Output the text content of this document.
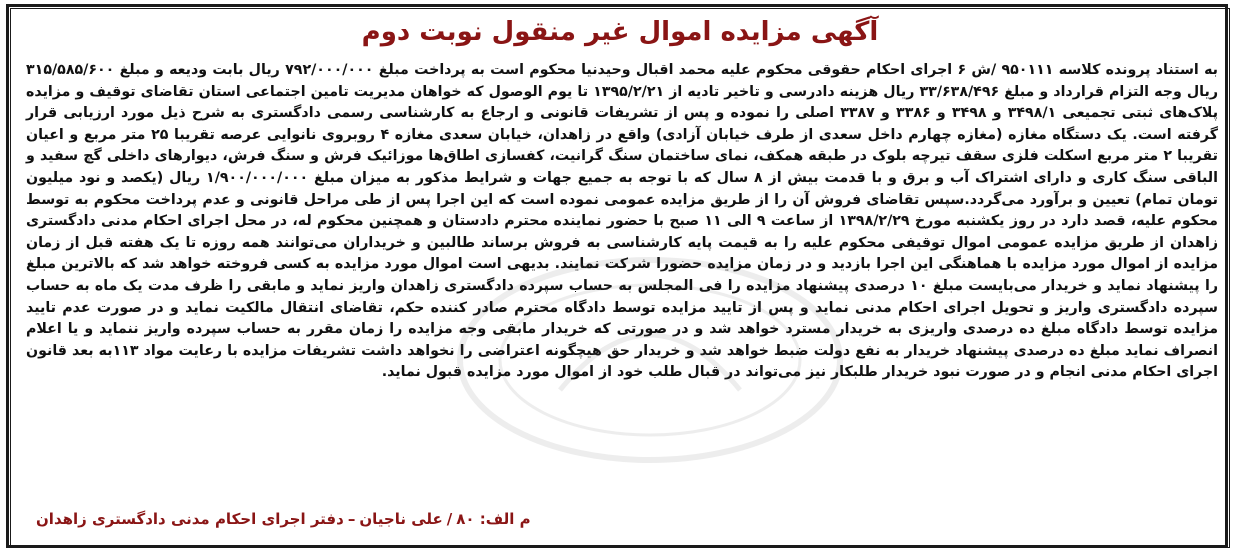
آگهی مزایده اموال غیر منقول نوبت دوم
به استناد پرونده کلاسه ۹۵۰۱۱۱ /ش ۶ اجرای احکام حقوقی محکوم علیه محمد اقبال وحیدنیا محکوم است به پرداخت مبلغ ۷۹۲/۰۰۰/۰۰۰ ریال بابت ودیعه و مبلغ ۳۱۵/۵۸۵/۶۰۰ ریال وجه التزام قرارداد و مبلغ ۳۳/۶۳۸/۴۹۶ ریال هزینه دادرسی و تاخیر تادیه از ۱۳۹۵/۲/۲۱ تا یوم الوصول که خواهان مدیریت تامین اجتماعی استان تقاضای توقیف و مزایده پلاک‌های ثبتی تجمیعی ۳۴۹۸/۱ و ۳۴۹۸ و ۳۳۸۶ و ۳۳۸۷ اصلی را نموده و پس از تشریفات قانونی و ارجاع به کارشناسی رسمی دادگستری به شرح ذیل مورد ارزیابی قرار گرفته است. یک دستگاه مغازه (مغازه چهارم داخل سعدی از طرف خیابان آزادی) واقع در زاهدان، خیابان سعدی مغازه ۴ روبروی نانوایی عرصه تقریبا ۲۵ متر مربع و اعیان تقریبا ۲ متر مربع اسکلت فلزی سقف تیرچه بلوک در طبقه همکف، نمای ساختمان سنگ گرانیت، کفسازی اطاق‌ها موزائیک فرش و سنگ فرش، دیوارهای داخلی گچ سفید و الباقی سنگ کاری و دارای اشتراک آب و برق و با قدمت بیش از ۸ سال که با توجه به جمیع جهات و شرایط مذکور به میزان مبلغ ۱/۹۰۰/۰۰۰/۰۰۰ ریال (یکصد و نود میلیون تومان تمام) تعیین و برآورد می‌گردد.سپس تقاضای فروش آن را از طریق مزایده عمومی نموده است که این اجرا پس از طی مراحل قانونی و عدم پرداخت محکوم به توسط محکوم علیه، قصد دارد در روز یکشنبه مورخ ۱۳۹۸/۲/۲۹ از ساعت ۹ الی ۱۱ صبح با حضور نماینده محترم دادستان و همچنین محکوم له، در محل اجرای احکام مدنی دادگستری زاهدان از طریق مزایده عمومی اموال توقیفی محکوم علیه را به قیمت پایه کارشناسی به فروش برساند طالبین و خریداران می‌توانند همه روزه تا یک هفته قبل از زمان مزایده از اموال مورد مزایده با هماهنگی این اجرا بازدید و در زمان مزایده حضورا شرکت نمایند. بدیهی است اموال مورد مزایده به کسی فروخته خواهد شد که بالاترین مبلغ را پیشنهاد نماید و خریدار می‌بایست مبلغ ۱۰ درصدی پیشنهاد مزایده را فی المجلس به حساب سپرده دادگستری زاهدان واریز نماید و مابقی را ظرف مدت یک ماه به حساب سپرده دادگستری واریز و تحویل اجرای احکام مدنی نماید و پس از تایید مزایده توسط دادگاه محترم صادر کننده حکم، تقاضای انتقال مالکیت نماید و در صورت عدم تایید مزایده توسط دادگاه مبلغ ده درصدی واریزی به خریدار مسترد خواهد شد و در صورتی که خریدار مابقی وجه مزایده را زمان مقرر به حساب سپرده واریز ننماید و یا اعلام انصراف نماید مبلغ ده درصدی پیشنهاد خریدار به نفع دولت ضبط خواهد شد و خریدار حق هیچگونه اعتراضی را نخواهد داشت تشریفات مزایده با رعایت مواد ۱۱۳به بعد قانون اجرای احکام مدنی انجام و در صورت نبود خریدار طلبکار نیز می‌تواند در قبال طلب خود از اموال مورد مزایده قبول نماید.
م الف: ۸۰/علی ناجیان–دفتر اجرای احکام مدنی دادگستری زاهدان
